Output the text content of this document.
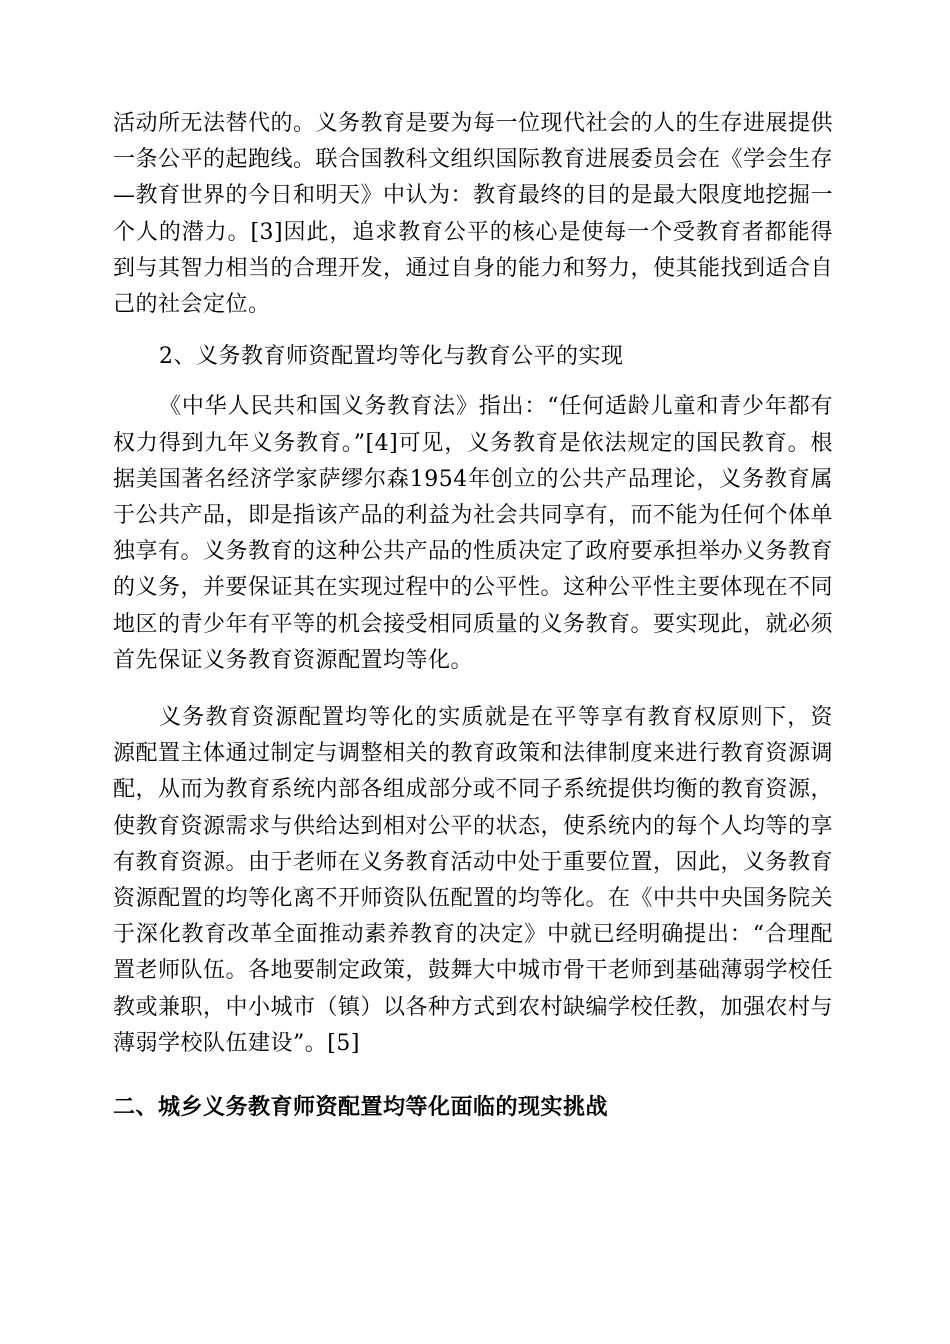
活动所无法替代的。义务教育是要为每一位现代社会的人的生存进展提供一条公平的起跑线。联合国教科文组织国际教育进展委员会在《学会生存—教育世界的今日和明天》中认为：教育最终的目的是最大限度地挖掘一个人的潜力。[3]因此，追求教育公平的核心是使每一个受教育者都能得到与其智力相当的合理开发，通过自身的能力和努力，使其能找到适合自己的社会定位。

2、义务教育师资配置均等化与教育公平的实现

《中华人民共和国义务教育法》指出：“任何适龄儿童和青少年都有权力得到九年义务教育。”[4]可见，义务教育是依法规定的国民教育。根据美国著名经济学家萨缪尔森1954年创立的公共产品理论，义务教育属于公共产品，即是指该产品的利益为社会共同享有，而不能为任何个体单独享有。义务教育的这种公共产品的性质决定了政府要承担举办义务教育的义务，并要保证其在实现过程中的公平性。这种公平性主要体现在不同地区的青少年有平等的机会接受相同质量的义务教育。要实现此，就必须首先保证义务教育资源配置均等化。

义务教育资源配置均等化的实质就是在平等享有教育权原则下，资源配置主体通过制定与调整相关的教育政策和法律制度来进行教育资源调配，从而为教育系统内部各组成部分或不同子系统提供均衡的教育资源，使教育资源需求与供给达到相对公平的状态，使系统内的每个人均等的享有教育资源。由于老师在义务教育活动中处于重要位置，因此，义务教育资源配置的均等化离不开师资队伍配置的均等化。在《中共中央国务院关于深化教育改革全面推动素养教育的决定》中就已经明确提出：“合理配置老师队伍。各地要制定政策，鼓舞大中城市骨干老师到基础薄弱学校任教或兼职，中小城市（镇）以各种方式到农村缺编学校任教，加强农村与薄弱学校队伍建设”。[5]

二、城乡义务教育师资配置均等化面临的现实挑战
